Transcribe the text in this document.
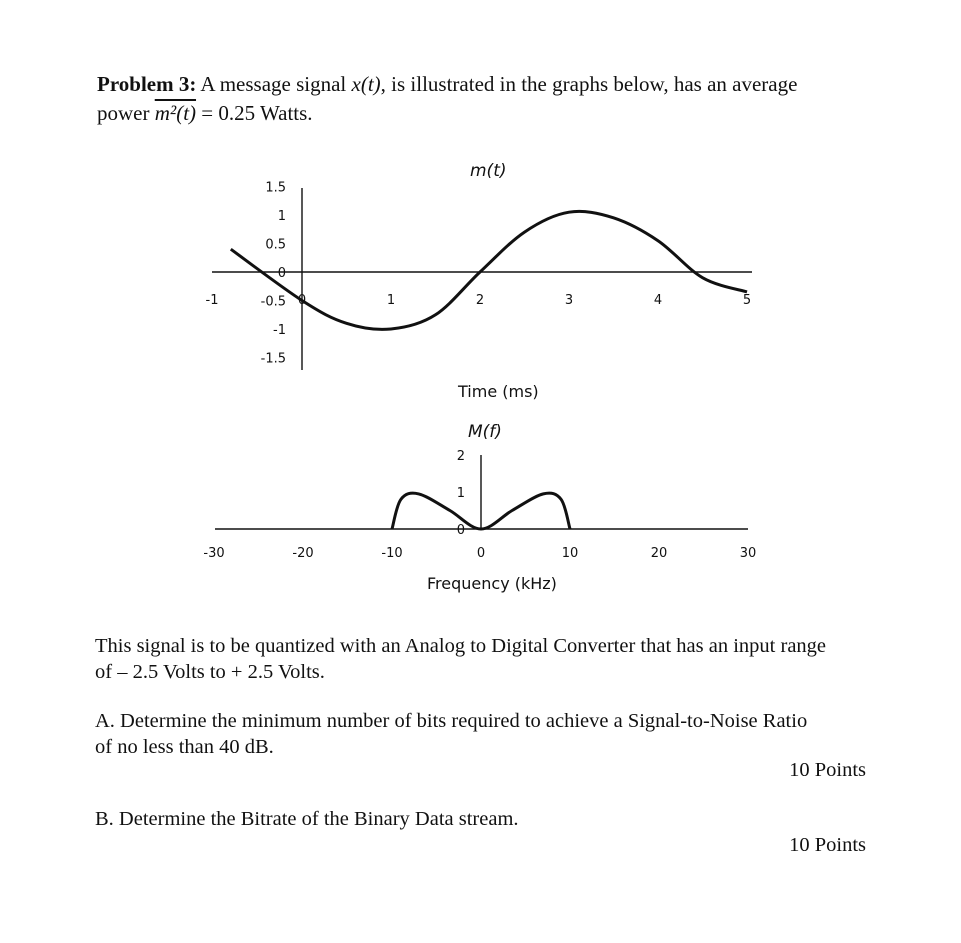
Problem 3: A message signal x(t), is illustrated in the graphs below, has an average
power m²(t) = 0.25 Watts.
m(t)
1.5
1
0.5
0
-0.5
-1
-1.5
-1	0	1	2	3	4	5
Time (ms)
M(f)
2
1
0
-30	-20	-10	0	10	20	30
Frequency (kHz)
This signal is to be quantized with an Analog to Digital Converter that has an input range
of – 2.5 Volts to + 2.5 Volts.
A. Determine the minimum number of bits required to achieve a Signal-to-Noise Ratio
of no less than 40 dB.
10 Points
B. Determine the Bitrate of the Binary Data stream.
10 Points
